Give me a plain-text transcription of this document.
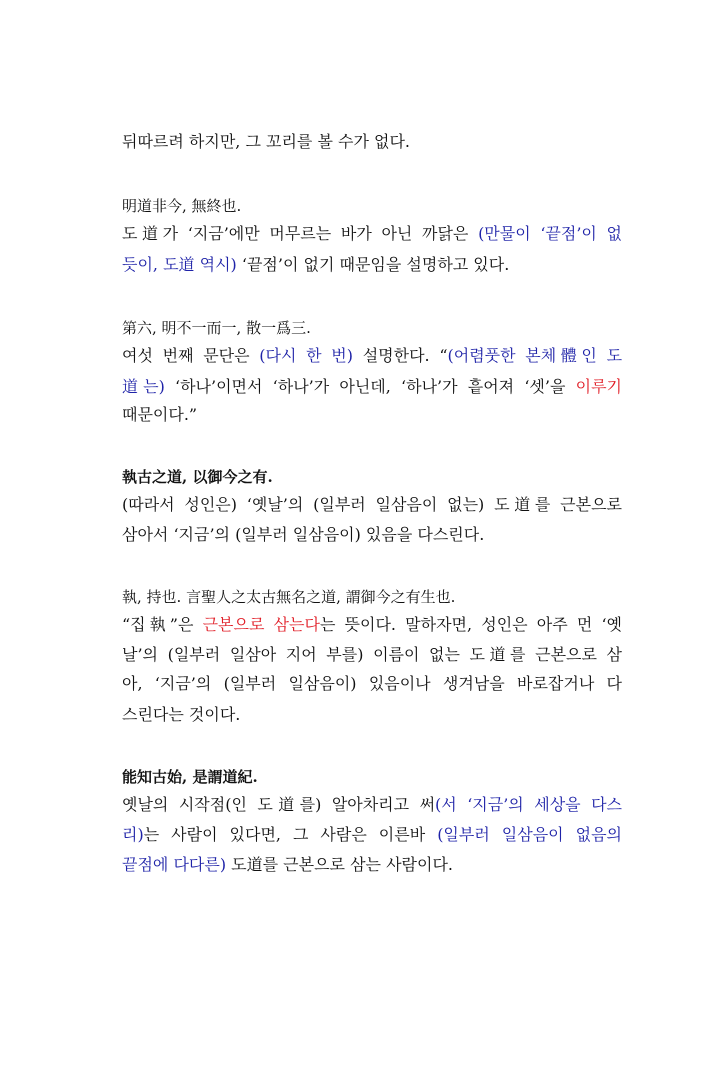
뒤따르려 하지만, 그 꼬리를 볼 수가 없다.
明道非今, 無終也.
도道가 ‘지금’에만 머무르는 바가 아닌 까닭은 (만물이 ‘끝점’이 없
듯이, 도道 역시) ‘끝점’이 없기 때문임을 설명하고 있다.
第六, 明不一而一, 散一爲三.
여섯 번째 문단은 (다시 한 번) 설명한다. “(어렴풋한 본체體인 도
道는) ‘하나’이면서 ‘하나’가 아닌데, ‘하나’가 흩어져 ‘셋’을 이루기
때문이다.”
執古之道, 以御今之有.
(따라서 성인은) ‘옛날’의 (일부러 일삼음이 없는) 도道를 근본으로
삼아서 ‘지금’의 (일부러 일삼음이) 있음을 다스린다.
執, 持也. 言聖人之太古無名之道, 謂御今之有生也.
“집執”은 근본으로 삼는다는 뜻이다. 말하자면, 성인은 아주 먼 ‘옛
날’의 (일부러 일삼아 지어 부를) 이름이 없는 도道를 근본으로 삼
아, ‘지금’의 (일부러 일삼음이) 있음이나 생겨남을 바로잡거나 다
스린다는 것이다.
能知古始, 是謂道紀.
옛날의 시작점(인 도道를) 알아차리고 써(서 ‘지금’의 세상을 다스
리)는 사람이 있다면, 그 사람은 이른바 (일부러 일삼음이 없음의
끝점에 다다른) 도道를 근본으로 삼는 사람이다.
